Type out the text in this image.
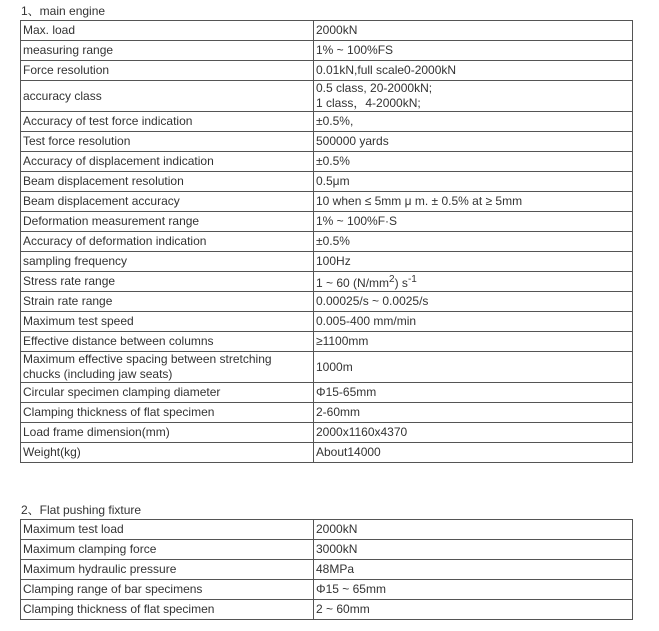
1、main engine
Max. load	2000kN
measuring range	1% ~ 100%FS
Force resolution	0.01kN,full scale0-2000kN
accuracy class	0.5 class, 20-2000kN;
1 class，4-2000kN;
Accuracy of test force indication	±0.5%,
Test force resolution	500000 yards
Accuracy of displacement indication	±0.5%
Beam displacement resolution	0.5μm
Beam displacement accuracy	10 when ≤ 5mm μ m. ± 0.5% at ≥ 5mm
Deformation measurement range	1% ~ 100%F·S
Accuracy of deformation indication	±0.5%
sampling frequency	100Hz
Stress rate range	1 ~ 60 $(N/mm^2)$ $s^{-1}$
Strain rate range	0.00025/s ~ 0.0025/s
Maximum test speed	0.005-400 mm/min
Effective distance between columns	≥1100mm
Maximum effective spacing between stretching chucks (including jaw seats)	1000m
Circular specimen clamping diameter	Φ15-65mm
Clamping thickness of flat specimen	2-60mm
Load frame dimension(mm)	2000x1160x4370
Weight(kg)	About14000
2、Flat pushing fixture
Maximum test load	2000kN
Maximum clamping force	3000kN
Maximum hydraulic pressure	48MPa
Clamping range of bar specimens	Φ15 ~ 65mm
Clamping thickness of flat specimen	2 ~ 60mm
